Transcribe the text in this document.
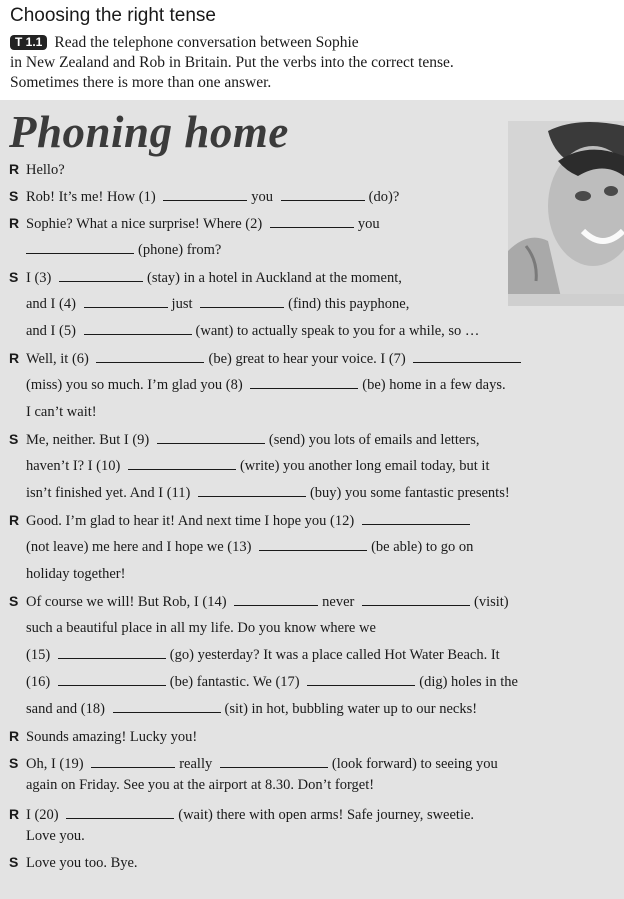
Choosing the right tense

T 1.1 Read the telephone conversation between Sophie

in New Zealand and Rob in Britain. Put the verbs into the correct tense.

Sometimes there is more than one answer.

Phoning home
R Hello?
S Rob! It’s me! How (1)	you	(do)?
R Sophie? What a nice surprise! Where (2)	you
(phone) from?
S I (3)	(stay) in a hotel in Auckland at the moment,
and I (4)	just	(find) this payphone,
and I (5)	(want) to actually speak to you for a while, so …
R Well, it (6)	(be) great to hear your voice. I (7)
(miss) you so much. I’m glad you (8)	(be) home in a few days.
I can’t wait!
S Me, neither. But I (9)	(send) you lots of emails and letters,
haven’t I? I (10)	(write) you another long email today, but it
isn’t finished yet. And I (11)	(buy) you some fantastic presents!
R Good. I’m glad to hear it! And next time I hope you (12)
(not leave) me here and I hope we (13)	(be able) to go on
holiday together!
S Of course we will! But Rob, I (14)	never	(visit)
such a beautiful place in all my life. Do you know where we
(15)	(go) yesterday? It was a place called Hot Water Beach. It
(16)	(be) fantastic. We (17)	(dig) holes in the
sand and (18)	(sit) in hot, bubbling water up to our necks!
R Sounds amazing! Lucky you!
S Oh, I (19)	really	(look forward) to seeing you
again on Friday. See you at the airport at 8.30. Don’t forget!
R I (20)	(wait) there with open arms! Safe journey, sweetie.
Love you.
S Love you too. Bye.
